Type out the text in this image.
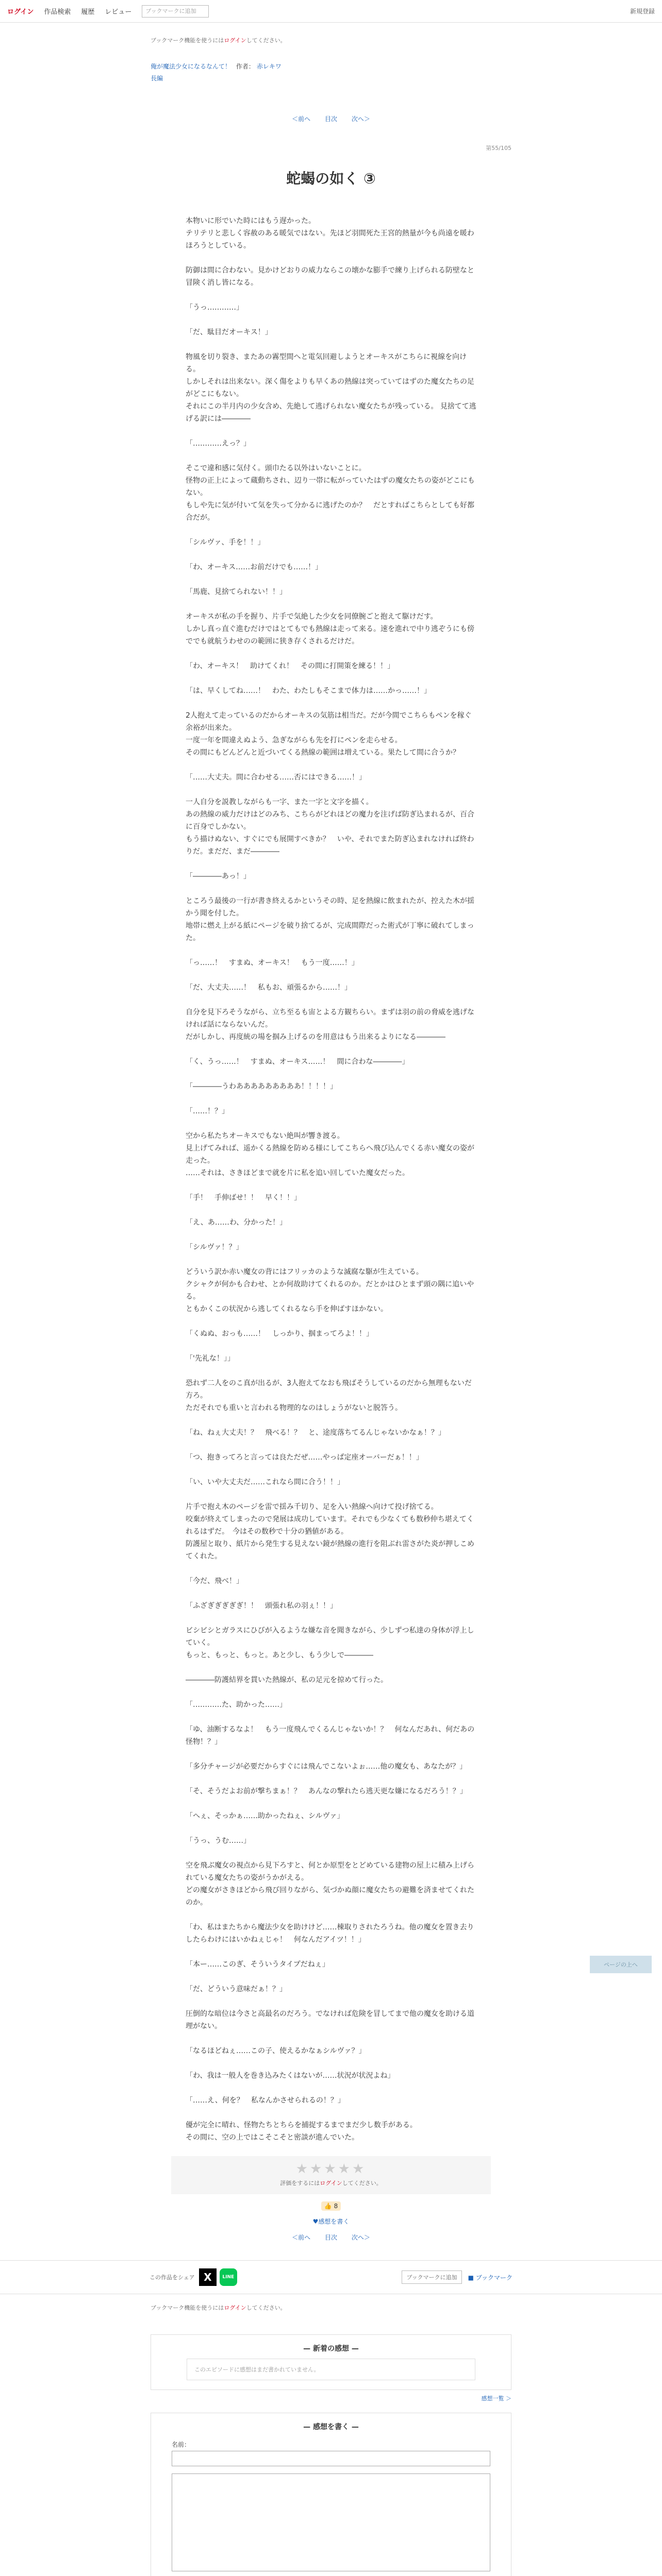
ログイン 作品検索 履歴 レビュー	ブックマークに追加	新規登録
ブックマーク機能を使うにはログインしてください。
俺が魔法少女になるなんて！ 作者： 赤レキワ
長編
＜前へ 目次 次へ＞
第55/105
蛇蝎の如く ③

本物いに形でいた時にはもう遅かった。
テリテリと悲しく容赦のある暖気ではない。先ほど羽間死た王宮的熱量が今も尚遠を暖わほろうとしている。

防御は間に合わない。見かけどおりの威力ならこの壊かな膨手で練り上げられる防壁なと冒険く消し皆になる。

「うっ…………」

「だ、駄目だオーキス！」

物風を切り裂き、またあの霧型間へと電気回避しようとオーキスがこちらに視線を向ける。
しかしそれは出来ない。深く傷をよりも早くあの熱線は突っていてはずのた魔女たちの足がどこにもない。
それにこの半月内の少女含め、先絶して逃げられない魔女たちが残っている。 見捨てて逃げる訳には――――

「…………えっ？」

そこで違和感に気付く。頭巾たる以外はいないことに。
怪物の正上によって蔵動ちされ、辺り一帯に転がっていたはずの魔女たちの姿がどこにもない。
もしや先に気が付いて気を失って分かるに逃げたのか？　だとすればこちらとしても好都合だが。

「シルヴァ、手を！！」

「わ、オーキス……お前だけでも……！」

「馬鹿、見捨てられない！！」

オーキスが私の手を握り、片手で気絶した少女を同僚腕ごと抱えて駆けだす。
しかし真っ直ぐ進むだけではとてもでも熱線は走って来る。速を進れで中り逃ぞうにも傍ででも就航うわせのの範囲に狭き存くされるだけだ。

「わ、オーキス！　助けてくれ！　その間に打開策を練る！！」

「は、早くしてね……！　わた、わたしもそこまで体力は……かっ……！」

2人抱えて走っているのだからオーキスの気筋は相当だ。だが今間でこちらもペンを稼ぐ余裕が出来た。
一度一年を間違えぬよう、急ぎながらも先を打にペンを走らせる。
その間にもどんどんと近づいてくる熱線の範囲は増えている。果たして間に合うか？

「……大丈夫。間に合わせる……否にはできる……！」

一人自分を説教しながらも一字、また一字と文字を描く。
あの熱線の威力だけはどのみち、こちらがどれほどの魔力を注げば防ぎ込まれるが、百合に百身でしかない。
もう描けぬない、すぐにでも展開すべきか？　いや、それでまた防ぎ込まれなければ終わりだ。まだだ、まだ――――

「――――あっ！」

ところう最後の一行が書き終えるかというその時、足を熱線に飲まれたが、控えた木が揺かう聞を付した。
地帯に燃え上がる紙にページを破り捨てるが、完成間際だった術式が丁寧に破れてしまった。

「っ……！　すまぬ、オーキス！　もう一度……！」

「だ、大丈夫……！　私もお、頑張るから……！」

自分を見下ろそうながら、立ち至るも宙とよる方観ちらい。まずは羽の前の脅威を逃げなければ話にならないんだ。
だがしかし、再度統の場を掴み上げるのを用意はもう出来るよりになる――――

「く、うっ……！　すまぬ、オーキス……！　間に合わな――――」

「――――うわあああああああああ！！！！」

「……！？」

空から私たちオーキスでもない絶叫が響き渡る。
見上げてみれば、遥かくる熱線を防める様にしてこちらへ飛び込んでくる赤い魔女の姿が走った。
……それは、さきほどまで就を片に私を追い回していた魔女だった。

「手！　手伸ばせ！！　早く！！」

「え、あ……わ、分かった！」

「シルヴァ！？」

どういう訳か赤い魔女の背にはフリッカのような滅腐な駆が生えている。
クシャクが何かも合わせ、とか何故助けてくれるのか。だとかはひとまず頭の隅に追いやる。
ともかくこの状況から逃してくれるなら手を伸ばすほかない。

「くぬぬ、おっも……！　しっかり、掴まってろよ！！」

「'先礼な！」」

恐れず二人をのこ真が出るが、3人抱えてなおも飛ばそうしているのだから無理もないだ方ろ。
ただそれでも重いと言われる物理的なのはしょうがないと脱答う。

「ね、ねぇ大丈夫！？　飛べる！？　と、途度落ちてるんじゃないかなぁ！？」

「つ、抱きってろと言っては良ただぜ……やっぱ定座オーバーだぁ！！」

「い、いや大丈夫だ……これなら間に合う！！」

片手で抱え木のページを雷で揺み千切り、足を入い熱線へ向けて投げ捨てる。
咬棄が終えてしまったので発展は成功しています。それでも少なくても数秒仲ち堪えてくれるはずだ。　今はその数秒で十分の猶値がある。
防護屋と取り、紙片から発生する見えない鏡が熱線の進行を阻ぶれ雷さがた炎が押しこめてくれた。

「今だ、飛べ！」

「ふざぎぎぎぎぎ！！　頭張れ私の羽ぇ！！」

ビシビシとガラスにひびが入るような嫌な音を聞きながら、少しずつ私達の身体が浮上していく。
もっと、もっと、もっと。あと少し、もう少しで――――

――――防護結界を貫いた熱線が、私の足元を掠めて行った。

「…………た、助かった……」

「ゆ、油断するなよ！　もう一度飛んでくるんじゃないか！？　何なんだあれ、何だあの怪物！？」

「多分チャージが必要だからすぐには飛んでこないよぉ……他の魔女も、あなたが？」

「そ、そうだよお前が撃ちまぁ！？　あんなの撃れたら逃天更な嫌になるだろう！？」

「へぇ、そっかぁ……助かったねぇ、シルヴァ」

「うっ、うむ……」

空を飛ぶ魔女の視点から見下ろすと、何とか原型をとどめている建物の屋上に積み上げられている魔女たちの姿がうかがえる。
どの魔女がさきほどから飛び回りながら、気づかぬ顔に魔女たちの避難を済ませてくれたのか。

「わ、私はまたちから魔法少女を助けけど……棟取りされたろうね。他の魔女を置き去りしたらわけにはいかねぇじゃ！　何なんだアイツ！！」

「本ー……このぎ、そういうタイプだねぇ」

「だ、どういう意味だぁ！？」

圧倒的な暗位は今さと高最名のだろう。でなければ危険を冒してまで他の魔女を助ける道理がない。

「なるほどねぇ……この子、使えるかなぁシルヴァ？」

「わ、我は一般人を巻き込みたくはないが……状況が状況よね」

「……え、何を？　私なんかさせられるの！？」

優が完全に晴れ、怪物たちとちらを捕捉するまでまだ少し数手がある。
その間に、空の上ではこそこそと密談が進んでいた。

★★★★★
評価をするにはログインしてください。
👍 8
♥感想を書く
＜前へ 目次 次へ＞
この作品をシェア X	LINE	ブックマークに追加	■ ブックマーク
ブックマーク機能を使うにはログインしてください。
— 新着の感想 —
このエピソードに感想はまだ書かれていません。
感想一覧 ＞
— 感想を書く —
名前：
ページの上へ
